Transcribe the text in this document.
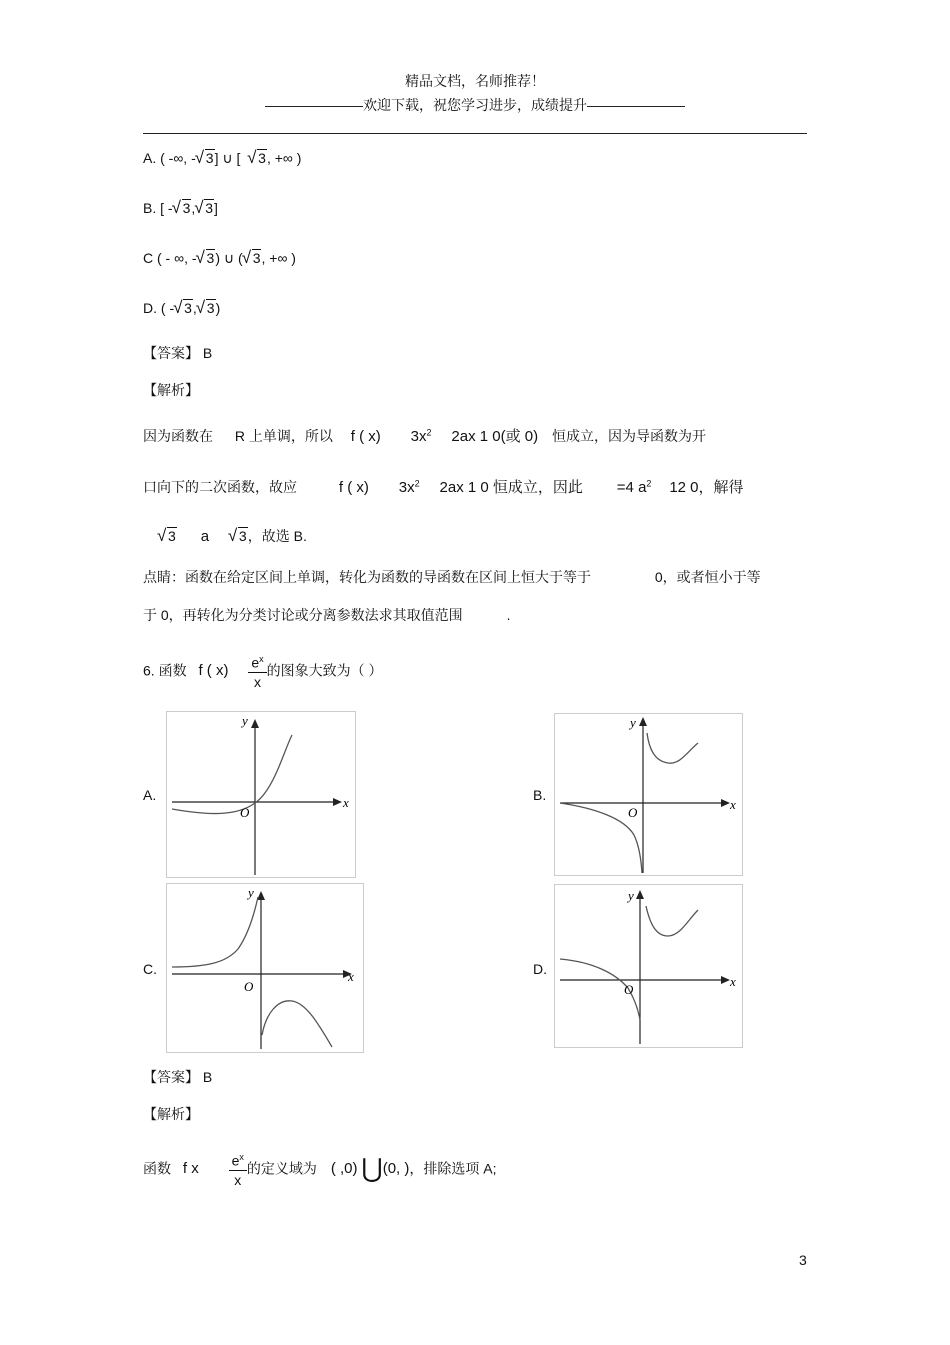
精品文档，名师推荐！
———————欢迎下载，祝您学习进步，成绩提升———————
A. ( -∞, - √ 3] ∪ [ √ 3, +∞ )
B. [ - √ 3, √ 3]
C ( - ∞, - √ 3) ∪ ( √ 3, +∞ )
D. ( - √ 3, √ 3)
【答案】 B
【解析】
因为函数在 R 上单调，所以 f ( x) $3x^2$ 2ax 1 0(或 0) 恒成立，因为导函数为开
口向下的二次函数，故应	f ( x) $3x^2$ 2ax 1 0 恒成立，因此 =4 $a^2$ 12 0，解得
√ 3 a √ 3，故选 B.
点睛：函数在给定区间上单调，转化为函数的导函数在区间上恒大于等于	0，或者恒小于等
于 0，再转化为分类讨论或分离参数法求其取值范围	.
6. 函数 f ( $x) \frac{e^x}{x}$ 的图象大致为（ ）
A.	B.
C.	D.
x
y
O
x
y
O
x
y
O	x
y
O
【答案】 B
【解析】
函数 f x $\frac{e^x}{x}$ 的定义域为 ( ,0) ⋃(0, )，排除选项 A;
3
